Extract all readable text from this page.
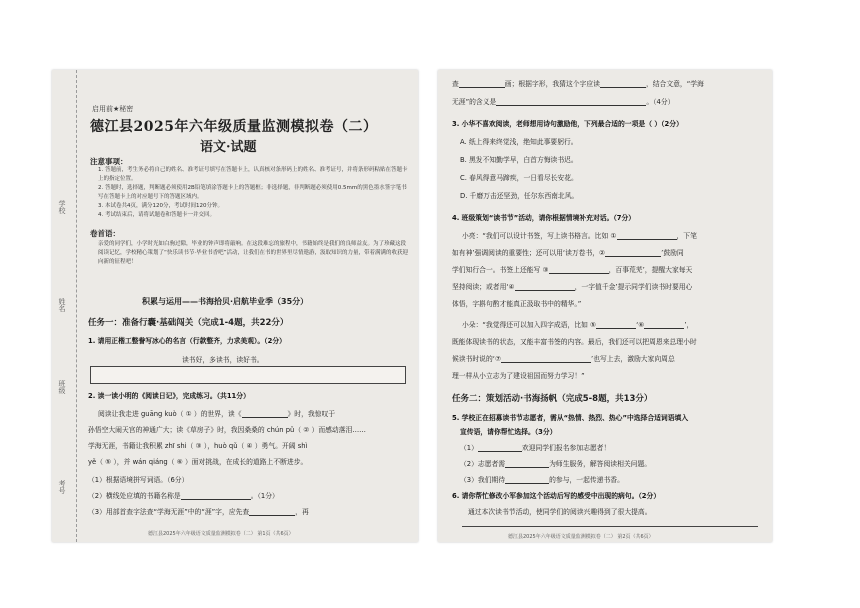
学校
姓名
班级
考号
启用前★秘密
德江县2025年六年级质量监测模拟卷（二）
语文·试题
注意事项：
1. 答题前，考生务必将自己的姓名、准考证号填写在答题卡上，认真核对条形码上的姓名、准考证号，并将条形码粘贴在答题卡上的指定位置。
2. 答题时，选择题，判断题必须使用2B铅笔填涂答题卡上的答题框；非选择题，非判断题必须使用0.5mm的黑色墨水签字笔书写在答题卡上的对应题号下的答题区域内。
3. 本试卷共4页，满分120分，考试时间120分钟。
4. 考试结束后，请将试题卷和答题卡一并交回。
卷首语：
亲爱的同学们，小学时光如白驹过隙，毕业的钟声即将敲响。在这段难忘的旅程中，书籍始终是我们的良师益友。为了珍藏这段阅读记忆，学校精心策划了“快乐读书节·毕业书香吧”活动，让我们在书的世界里尽情遨游，汲取知识的力量，带着满满的收获迎向新的征程吧！
积累与运用——书海拾贝·启航毕业季（35分）
任务一：准备行囊·基础闯关（完成1-4题，共22分）
1. 请用正楷工整誊写冰心的名言（行款整齐，力求美观）。（2分）
读书好，多读书，读好书。
2. 读一读小明的《阅读日记》，完成练习。（共11分）
阅读让我走进 guāng kuò（ ① ）的世界，读《	》时，我惊叹于
孙悟空大闹天宫的神通广大；读《草房子》时，我因桑桑的 chún pǔ（ ② ）而感动落泪……
学海无涯，书籍让我积累 zhī shi（ ③ ），huò qǔ（ ④ ）勇气。开阔 shì
yě（ ⑤ ），并 wán qiáng（ ⑥ ）面对挑战，在成长的道路上不断进步。
（1）根据语境拼写词语。（6分）
（2）横线处应填的书籍名称是	。（1分）
（3）用部首查字法查“学海无涯”中的“涯”字，应先查	，再
德江县2025年六年级语文质量监测模拟卷（二） 第1页（共6页）
查	画；根据字形，我猜这个字应读	，结合文意，“学海
无涯”的含义是	。（4分）
3. 小华不喜欢阅读，老师想用诗句激励他，下列最合适的一项是（ ）（2分）
A. 纸上得来终觉浅，绝知此事要躬行。
B. 黑发不知勤学早，白首方悔读书迟。
C. 春风得意马蹄疾，一日看尽长安花。
D. 千磨万击还坚劲，任尔东西南北风。
4. 班级策划“读书节”活动，请你根据情境补充对话。（7分）
小亮：“我们可以设计书签，写上读书格言。比如 ①	，下笔
如有神’强调阅读的重要性；还可以用‘读万卷书，②	’鼓励同
学们知行合一。书签上还能写 ③	，百事荒芜’，提醒大家每天
坚持阅读；或者用‘④	，一字值千金’提示同学们读书时要用心
体悟，字斟句酌才能真正汲取书中的精华。”
小朵：“我觉得还可以加入四字成语，比如 ⑤	‘⑥	’，
既能体现读书的状态，又能丰富书签的内容。最后，我们还可以把周恩来总理小时
候读书时说的‘⑦	’也写上去，激励大家向周总
理一样从小立志为了建设祖国而努力学习！”
任务二：策划活动·书海扬帆（完成5-8题，共13分）
5. 学校正在招募读书节志愿者，需从“热情、热烈、热心”中选择合适词语填入
宣传语，请你帮忙选择。（3分）
（1）	欢迎同学们报名参加志愿者！
（2）志愿者需	为师生服务，解答阅读相关问题。
（3）我们期待	的参与，一起传递书香。
6. 请你帮忙修改小军参加这个活动后写的感受中出现的病句。（2分）
通过本次读书节活动，使同学们的阅读兴趣得到了很大提高。
德江县2025年六年级语文质量监测模拟卷（二） 第2页（共6页）
